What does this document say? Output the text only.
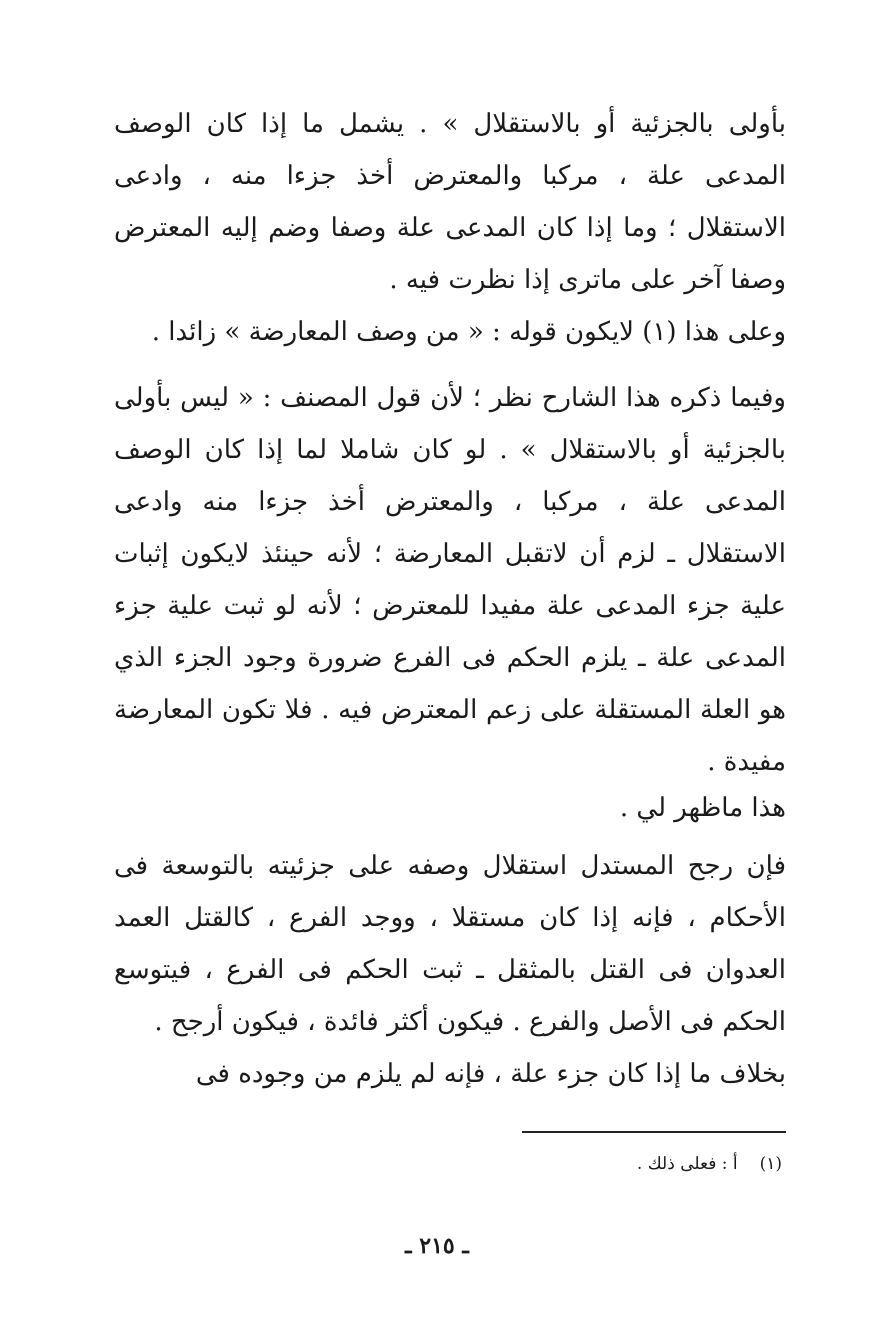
بأولى بالجزئية أو بالاستقلال » . يشمل ما إذا كان الوصف المدعى علة ، مركبا والمعترض أخذ جزءا منه ، وادعى الاستقلال ؛ وما إذا كان المدعى علة وصفا وضم إليه المعترض وصفا آخر على ماترى إذا نظرت فيه .

وعلى هذا (١) لايكون قوله : « من وصف المعارضة » زائدا .

وفيما ذكره هذا الشارح نظر ؛ لأن قول المصنف : « ليس بأولى بالجزئية أو بالاستقلال » . لو كان شاملا لما إذا كان الوصف المدعى علة ، مركبا ، والمعترض أخذ جزءا منه وادعى الاستقلال ـ لزم أن لاتقبل المعارضة ؛ لأنه حينئذ لايكون إثبات علية جزء المدعى علة مفيدا للمعترض ؛ لأنه لو ثبت علية جزء المدعى علة ـ يلزم الحكم فى الفرع ضرورة وجود الجزء الذي هو العلة المستقلة على زعم المعترض فيه . فلا تكون المعارضة مفيدة .

هذا ماظهر لي .

فإن رجح المستدل استقلال وصفه على جزئيته بالتوسعة فى الأحكام ، فإنه إذا كان مستقلا ، ووجد الفرع ، كالقتل العمد العدوان فى القتل بالمثقل ـ ثبت الحكم فى الفرع ، فيتوسع الحكم فى الأصل والفرع . فيكون أكثر فائدة ، فيكون أرجح .

بخلاف ما إذا كان جزء علة ، فإنه لم يلزم من وجوده فى

(١)أ : فعلى ذلك .
ـ ٢١٥ ـ
